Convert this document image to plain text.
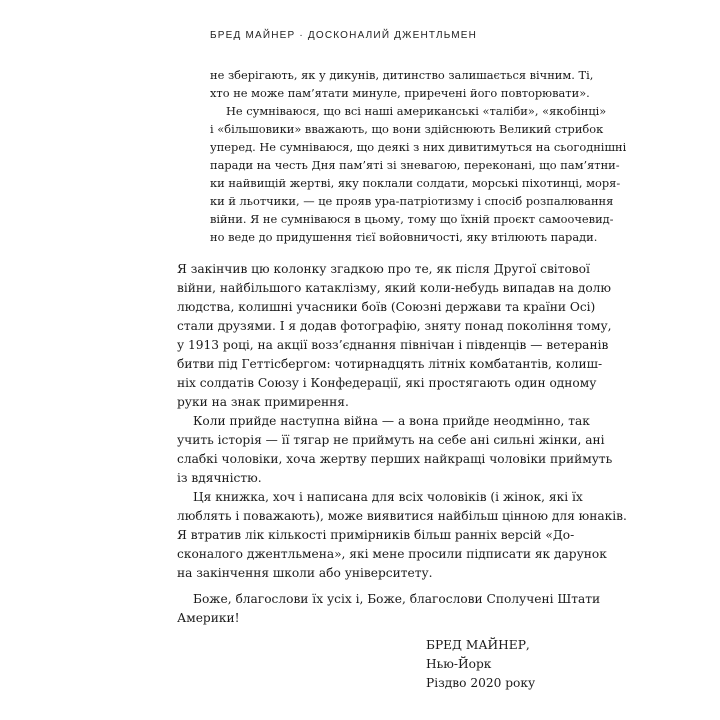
БРЕД МАЙНЕР · ДОСКОНАЛИЙ ДЖЕНТЛЬМЕН
не зберігають, як у дикунів, дитинство залишається вічним. Ті,
хто не може пам’ятати минуле, приречені його повторювати».
Не сумніваюся, що всі наші американські «таліби», «якобінці»
і «більшовики» вважають, що вони здійснюють Великий стрибок
уперед. Не сумніваюся, що деякі з них дивитимуться на сьогоднішні
паради на честь Дня пам’яті зі зневагою, переконані, що пам’ятни-
ки найвищій жертві, яку поклали солдати, морські піхотинці, моря-
ки й льотчики, — це прояв ура-патріотизму і спосіб розпалювання
війни. Я не сумніваюся в цьому, тому що їхній проєкт самоочевид-
но веде до придушення тієї войовничості, яку втілюють паради.
Я закінчив цю колонку згадкою про те, як після Другої світової
війни, найбільшого катаклізму, який коли-небудь випадав на долю
людства, колишні учасники боїв (Союзні держави та країни Осі)
стали друзями. І я додав фотографію, зняту понад покоління тому,
у 1913 році, на акції возз’єднання північан і південців — ветеранів
битви під Геттісбергом: чотирнадцять літніх комбатантів, колиш-
ніх солдатів Союзу і Конфедерації, які простягають один одному
руки на знак примирення.
Коли прийде наступна війна — а вона прийде неодмінно, так
учить історія — її тягар не приймуть на себе ані сильні жінки, ані
слабкі чоловіки, хоча жертву перших найкращі чоловіки приймуть
із вдячністю.
Ця книжка, хоч і написана для всіх чоловіків (і жінок, які їх
люблять і поважають), може виявитися найбільш цінною для юнаків.
Я втратив лік кількості примірників більш ранніх версій «До-
сконалого джентльмена», які мене просили підписати як дарунок
на закінчення школи або університету.
Боже, благослови їх усіх і, Боже, благослови Сполучені Штати
Америки!
БРЕД МАЙНЕР,
Нью-Йорк
Різдво 2020 року
